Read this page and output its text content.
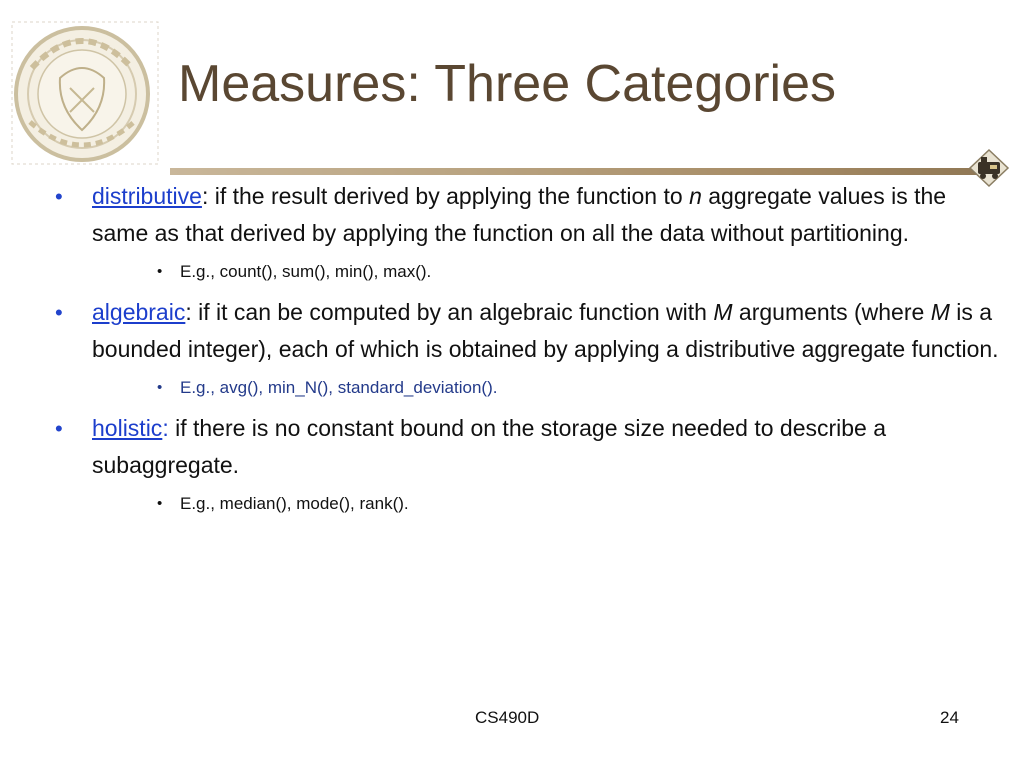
Measures: Three Categories
• distributive: if the result derived by applying the function to n aggregate values is the same as that derived by applying the function on all the data without partitioning.
• E.g., count(), sum(), min(), max().
• algebraic: if it can be computed by an algebraic function with M arguments (where M is a bounded integer), each of which is obtained by applying a distributive aggregate function.
• E.g., avg(), min_N(), standard_deviation().
• holistic: if there is no constant bound on the storage size needed to describe a subaggregate.
• E.g., median(), mode(), rank().
CS490D	24
